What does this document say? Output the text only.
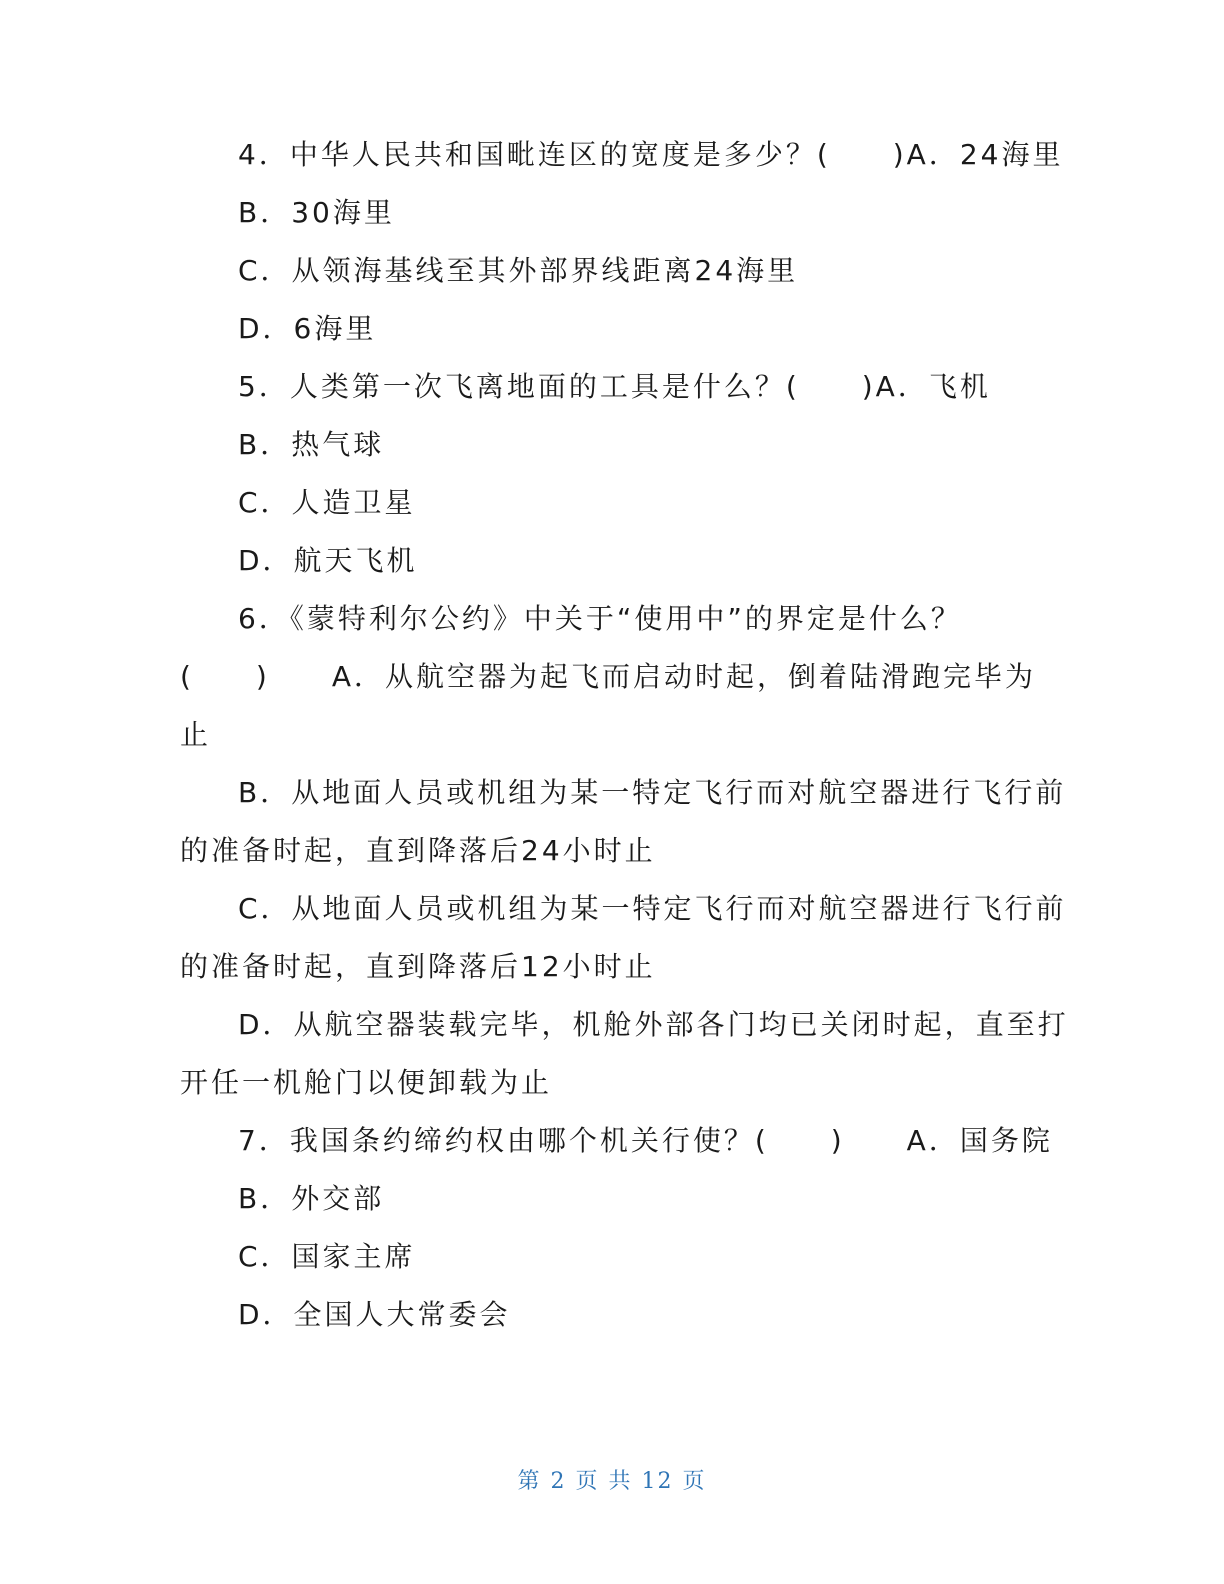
4．中华人民共和国毗连区的宽度是多少？(　　)A．24海里
B．30海里
C．从领海基线至其外部界线距离24海里
D．6海里
5．人类第一次飞离地面的工具是什么？(　　)A．飞机
B．热气球
C．人造卫星
D．航天飞机
6．《蒙特利尔公约》中关于“使用中”的界定是什么？
(　　)　　A．从航空器为起飞而启动时起，倒着陆滑跑完毕为
止
B．从地面人员或机组为某一特定飞行而对航空器进行飞行前
的准备时起，直到降落后24小时止
C．从地面人员或机组为某一特定飞行而对航空器进行飞行前
的准备时起，直到降落后12小时止
D．从航空器装载完毕，机舱外部各门均已关闭时起，直至打
开任一机舱门以便卸载为止
7．我国条约缔约权由哪个机关行使？(　　)　　A．国务院
B．外交部
C．国家主席
D．全国人大常委会
第 2 页 共 12 页
